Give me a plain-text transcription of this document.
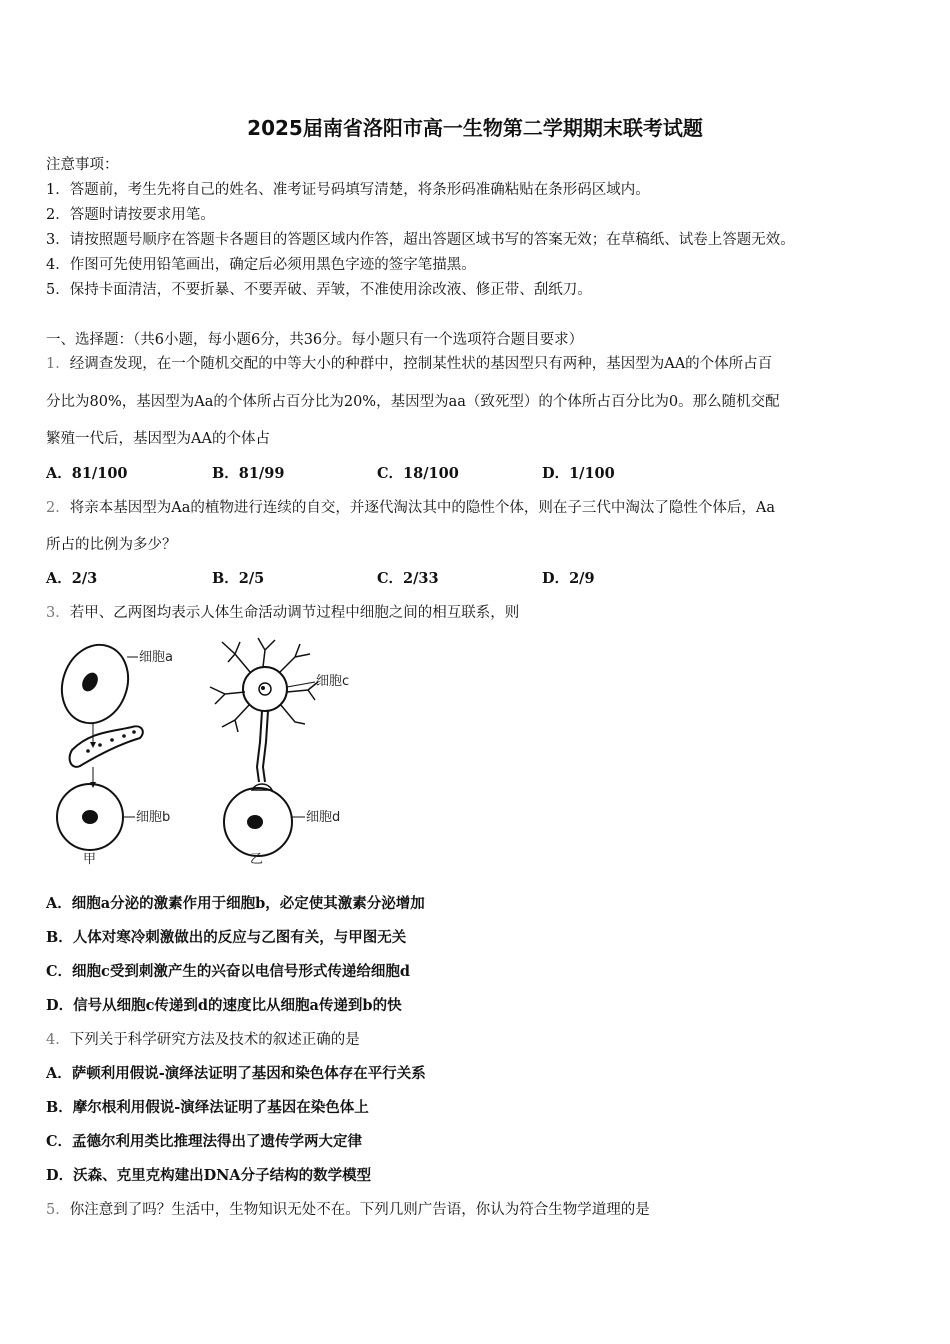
2025届南省洛阳市高一生物第二学期期末联考试题
注意事项：
1．答题前，考生先将自己的姓名、准考证号码填写清楚，将条形码准确粘贴在条形码区域内。
2．答题时请按要求用笔。
3．请按照题号顺序在答题卡各题目的答题区域内作答，超出答题区域书写的答案无效；在草稿纸、试卷上答题无效。
4．作图可先使用铅笔画出，确定后必须用黑色字迹的签字笔描黑。
5．保持卡面清洁，不要折暴、不要弄破、弄皱，不准使用涂改液、修正带、刮纸刀。
一、选择题：（共6小题，每小题6分，共36分。每小题只有一个选项符合题目要求）
1．经调查发现，在一个随机交配的中等大小的种群中，控制某性状的基因型只有两种，基因型为AA的个体所占百
分比为80%，基因型为Aa的个体所占百分比为20%，基因型为aa（致死型）的个体所占百分比为0。那么随机交配
繁殖一代后，基因型为AA的个体占
A．81/100	B．81/99	C．18/100	D．1/100
2．将亲本基因型为Aa的植物进行连续的自交，并逐代淘汰其中的隐性个体，则在子三代中淘汰了隐性个体后，Aa
所占的比例为多少？
A．2/3	B．2/5	C．2/33	D．2/9
3．若甲、乙两图均表示人体生命活动调节过程中细胞之间的相互联系，则
细胞a
细胞b
甲
细胞c
细胞d
乙
A．细胞a分泌的激素作用于细胞b，必定使其激素分泌增加
B．人体对寒冷刺激做出的反应与乙图有关，与甲图无关
C．细胞c受到刺激产生的兴奋以电信号形式传递给细胞d
D．信号从细胞c传递到d的速度比从细胞a传递到b的快
4．下列关于科学研究方法及技术的叙述正确的是
A．萨顿利用假说-演绎法证明了基因和染色体存在平行关系
B．摩尔根利用假说-演绎法证明了基因在染色体上
C．孟德尔利用类比推理法得出了遗传学两大定律
D．沃森、克里克构建出DNA分子结构的数学模型
5．你注意到了吗？生活中，生物知识无处不在。下列几则广告语，你认为符合生物学道理的是
